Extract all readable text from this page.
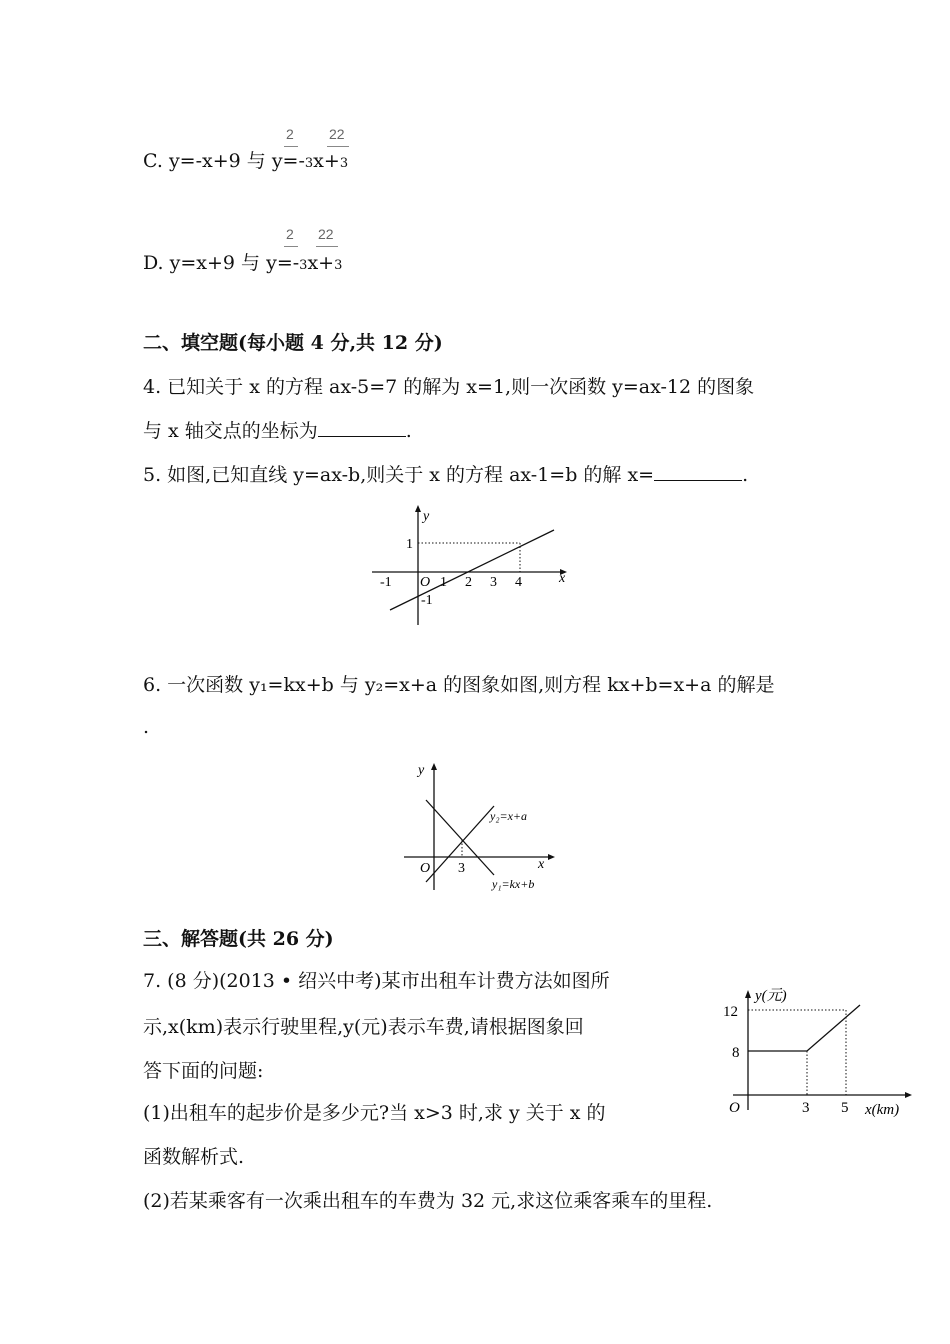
2	22
C. y=-x+9 与 y=-3x+3
2 22
D. y=x+9 与 y=-3x+3
二、填空题(每小题 4 分,共 12 分)
4. 已知关于 x 的方程 ax-5=7 的解为 x=1,则一次函数 y=ax-12 的图象
与 x 轴交点的坐标为	.
5. 如图,已知直线 y=ax-b,则关于 x 的方程 ax-1=b 的解 x=	.
y
x
1
-1 O 1 2 3 4
-1
6. 一次函数 y₁=kx+b 与 y₂=x+a 的图象如图,则方程 kx+b=x+a 的解是
.
y
x
O 3
y₂=x+a
y₁=kx+b
三、解答题(共 26 分)
7. (8 分)(2013 • 绍兴中考)某市出租车计费方法如图所
示,x(km)表示行驶里程,y(元)表示车费,请根据图象回
答下面的问题:
(1)出租车的起步价是多少元?当 x>3 时,求 y 关于 x 的
函数解析式.
(2)若某乘客有一次乘出租车的车费为 32 元,求这位乘客乘车的里程.
y(元)
12
8
O	3 5 x(km)
